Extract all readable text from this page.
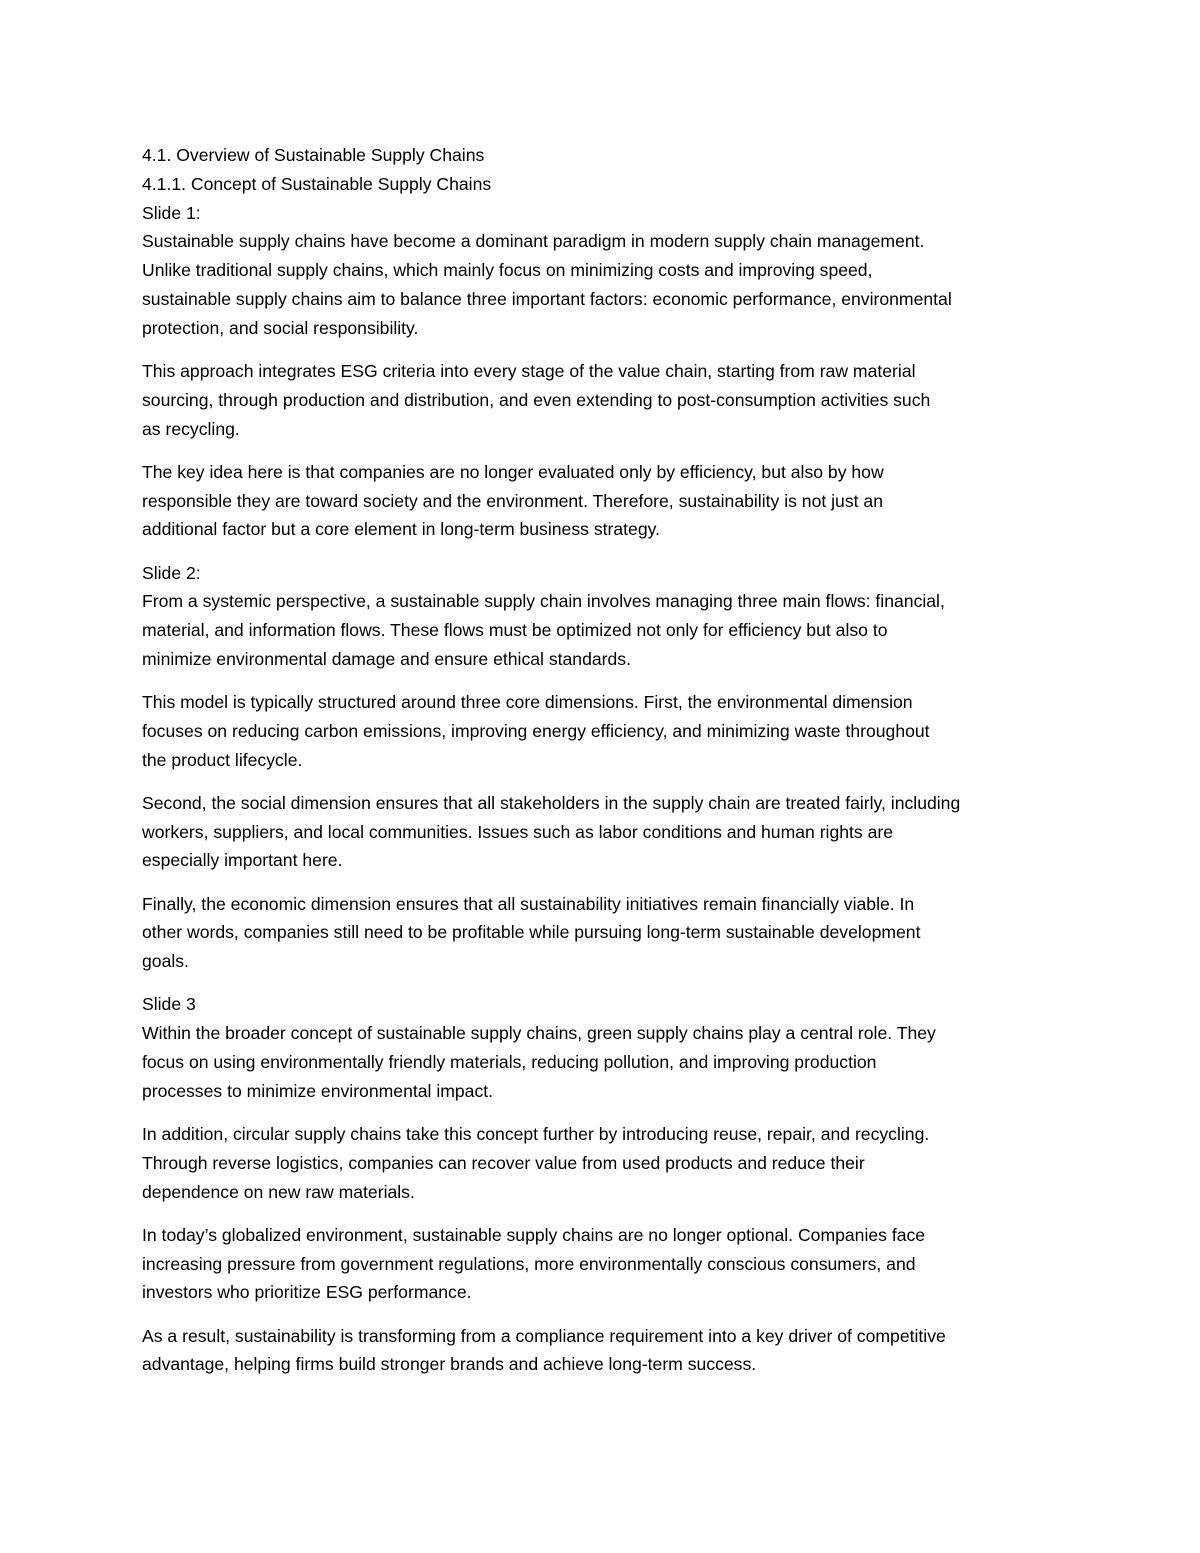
4.1. Overview of Sustainable Supply Chains
4.1.1. Concept of Sustainable Supply Chains
Slide 1:
Sustainable supply chains have become a dominant paradigm in modern supply chain management.
Unlike traditional supply chains, which mainly focus on minimizing costs and improving speed,
sustainable supply chains aim to balance three important factors: economic performance, environmental
protection, and social responsibility.
This approach integrates ESG criteria into every stage of the value chain, starting from raw material
sourcing, through production and distribution, and even extending to post-consumption activities such
as recycling.
The key idea here is that companies are no longer evaluated only by efficiency, but also by how
responsible they are toward society and the environment. Therefore, sustainability is not just an
additional factor but a core element in long-term business strategy.
Slide 2:
From a systemic perspective, a sustainable supply chain involves managing three main flows: financial,
material, and information flows. These flows must be optimized not only for efficiency but also to
minimize environmental damage and ensure ethical standards.
This model is typically structured around three core dimensions. First, the environmental dimension
focuses on reducing carbon emissions, improving energy efficiency, and minimizing waste throughout
the product lifecycle.
Second, the social dimension ensures that all stakeholders in the supply chain are treated fairly, including
workers, suppliers, and local communities. Issues such as labor conditions and human rights are
especially important here.
Finally, the economic dimension ensures that all sustainability initiatives remain financially viable. In
other words, companies still need to be profitable while pursuing long-term sustainable development
goals.
Slide 3
Within the broader concept of sustainable supply chains, green supply chains play a central role. They
focus on using environmentally friendly materials, reducing pollution, and improving production
processes to minimize environmental impact.
In addition, circular supply chains take this concept further by introducing reuse, repair, and recycling.
Through reverse logistics, companies can recover value from used products and reduce their
dependence on new raw materials.
In today’s globalized environment, sustainable supply chains are no longer optional. Companies face
increasing pressure from government regulations, more environmentally conscious consumers, and
investors who prioritize ESG performance.
As a result, sustainability is transforming from a compliance requirement into a key driver of competitive
advantage, helping firms build stronger brands and achieve long-term success.
